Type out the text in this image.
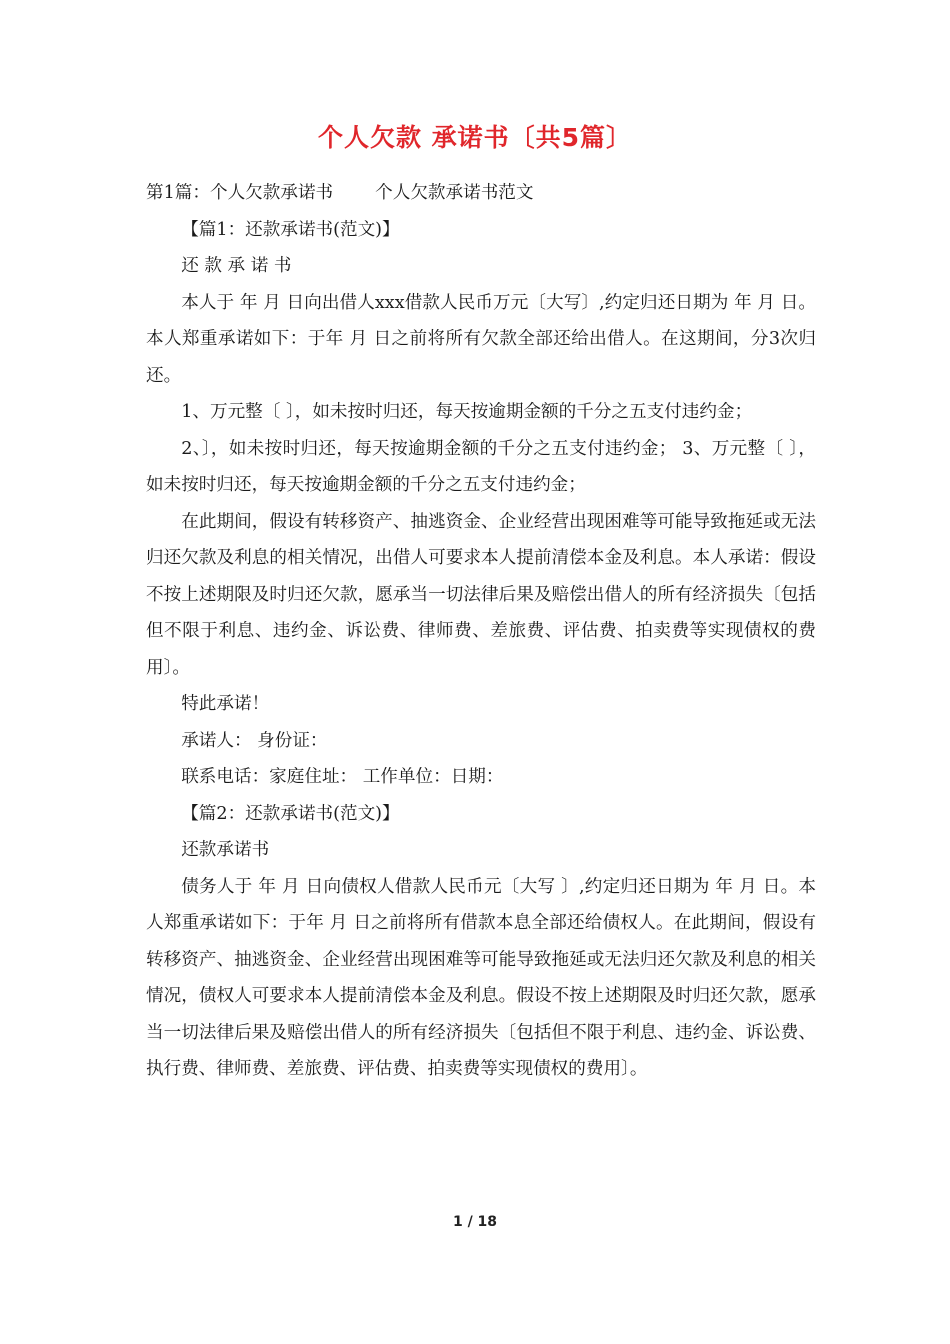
个人欠款 承诺书〔共5篇〕

第1篇：个人欠款承诺书 个人欠款承诺书范文

【篇1：还款承诺书(范文)】

还 款 承 诺 书

本人于 年 月 日向出借人xxx借款人民币万元〔大写〕,约定归还日期为 年 月 日。本人郑重承诺如下：于年 月 日之前将所有欠款全部还给出借人。在这期间，分3次归还。

1、万元整〔 〕，如未按时归还，每天按逾期金额的千分之五支付违约金；

2、〕，如未按时归还，每天按逾期金额的千分之五支付违约金； 3、万元整〔 〕，如未按时归还，每天按逾期金额的千分之五支付违约金；

在此期间，假设有转移资产、抽逃资金、企业经营出现困难等可能导致拖延或无法归还欠款及利息的相关情况，出借人可要求本人提前清偿本金及利息。本人承诺：假设不按上述期限及时归还欠款，愿承当一切法律后果及赔偿出借人的所有经济损失〔包括但不限于利息、违约金、诉讼费、律师费、差旅费、评估费、拍卖费等实现债权的费用〕。

特此承诺！

承诺人： 身份证：

联系电话：家庭住址： 工作单位：日期：

【篇2：还款承诺书(范文)】

还款承诺书

债务人于 年 月 日向债权人借款人民币元〔大写 〕,约定归还日期为 年 月 日。本人郑重承诺如下：于年 月 日之前将所有借款本息全部还给债权人。在此期间，假设有转移资产、抽逃资金、企业经营出现困难等可能导致拖延或无法归还欠款及利息的相关情况，债权人可要求本人提前清偿本金及利息。假设不按上述期限及时归还欠款，愿承当一切法律后果及赔偿出借人的所有经济损失〔包括但不限于利息、违约金、诉讼费、执行费、律师费、差旅费、评估费、拍卖费等实现债权的费用〕。

1 / 18
